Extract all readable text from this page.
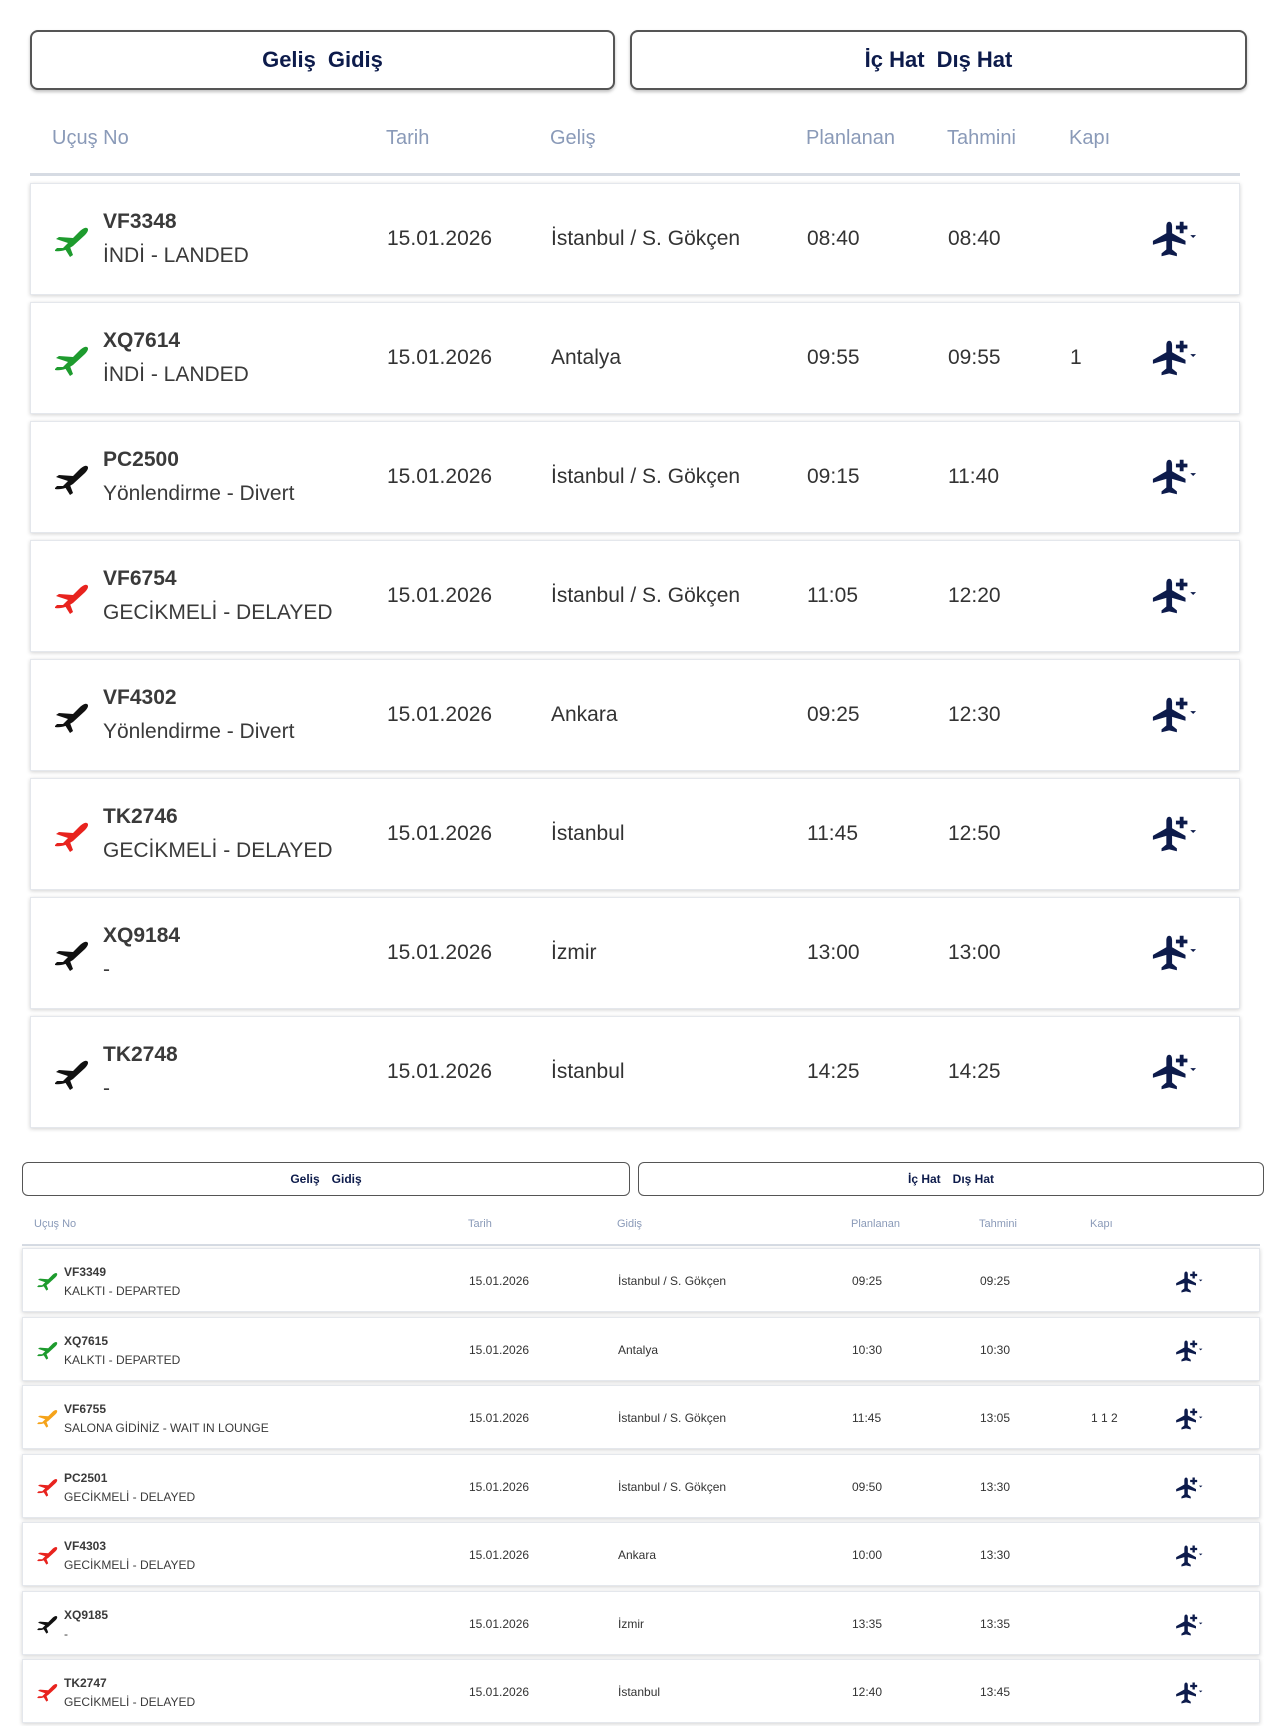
Geliş Gidiş	İç Hat Dış Hat
Uçuş No	Tarih	Geliş	Planlanan	Tahmini	Kapı
VF3348
İNDİ - LANDED
15.01.2026	İstanbul / S. Gökçen	08:40	08:40
XQ7614
İNDİ - LANDED
15.01.2026	Antalya	09:55	09:55	1
PC2500
Yönlendirme - Divert
15.01.2026	İstanbul / S. Gökçen	09:15	11:40
VF6754
GECİKMELİ - DELAYED
15.01.2026	İstanbul / S. Gökçen	11:05	12:20
VF4302
Yönlendirme - Divert
15.01.2026	Ankara	09:25	12:30
TK2746
GECİKMELİ - DELAYED
15.01.2026	İstanbul	11:45	12:50
XQ9184
-
15.01.2026	İzmir	13:00	13:00
TK2748
-
15.01.2026	İstanbul	14:25	14:25
Geliş Gidiş	İç Hat Dış Hat
Uçuş No	Tarih	Gidiş	Planlanan	Tahmini	Kapı
VF3349
KALKTI - DEPARTED
15.01.2026	İstanbul / S. Gökçen	09:25	09:25
XQ7615
KALKTI - DEPARTED
15.01.2026	Antalya	10:30	10:30
VF6755
SALONA GİDİNİZ - WAIT IN LOUNGE
15.01.2026	İstanbul / S. Gökçen	11:45	13:05	1 1 2
PC2501
GECİKMELİ - DELAYED
15.01.2026	İstanbul / S. Gökçen	09:50	13:30
VF4303
GECİKMELİ - DELAYED
15.01.2026	Ankara	10:00	13:30
XQ9185
-
15.01.2026	İzmir	13:35	13:35
TK2747
GECİKMELİ - DELAYED
15.01.2026	İstanbul	12:40	13:45
